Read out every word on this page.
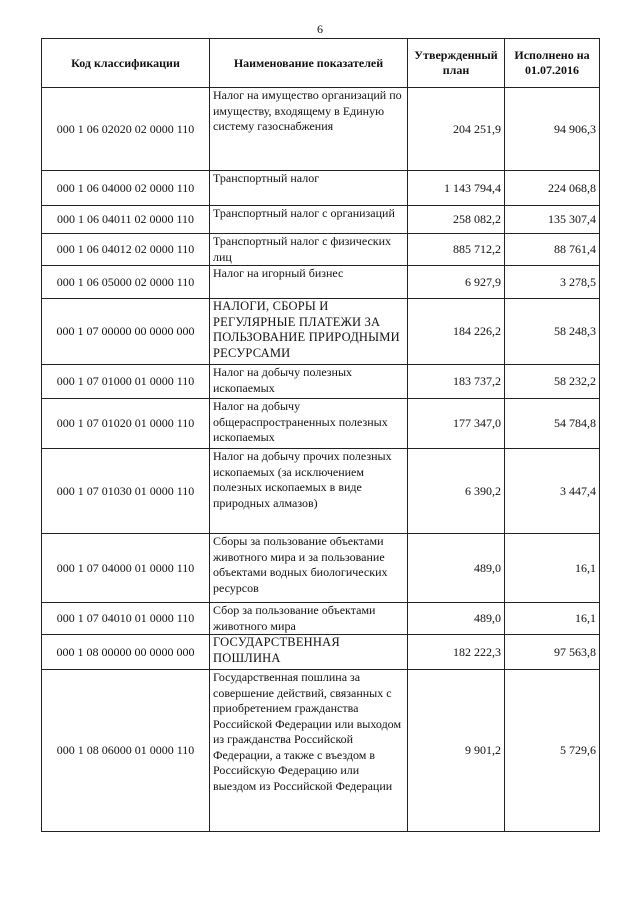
6
Код классификации	Наименование показателей	Утвержденный план	Исполнено на 01.07.2016
000 1 06 02020 02 0000 110	Налог на имущество организаций по имуществу, входящему в Единую систему газоснабжения	204 251,9	94 906,3
000 1 06 04000 02 0000 110	Транспортный налог	1 143 794,4	224 068,8
000 1 06 04011 02 0000 110	Транспортный налог с организаций	258 082,2	135 307,4
000 1 06 04012 02 0000 110	Транспортный налог с физических лиц	885 712,2	88 761,4
000 1 06 05000 02 0000 110	Налог на игорный бизнес	6 927,9	3 278,5
000 1 07 00000 00 0000 000	НАЛОГИ, СБОРЫ И РЕГУЛЯРНЫЕ ПЛАТЕЖИ ЗА ПОЛЬЗОВАНИЕ ПРИРОДНЫМИ РЕСУРСАМИ	184 226,2	58 248,3
000 1 07 01000 01 0000 110	Налог на добычу полезных ископаемых	183 737,2	58 232,2
000 1 07 01020 01 0000 110	Налог на добычу общераспространенных полезных ископаемых	177 347,0	54 784,8
000 1 07 01030 01 0000 110	Налог на добычу прочих полезных ископаемых (за исключением полезных ископаемых в виде природных алмазов)	6 390,2	3 447,4
000 1 07 04000 01 0000 110	Сборы за пользование объектами животного мира и за пользование объектами водных биологических ресурсов	489,0	16,1
000 1 07 04010 01 0000 110	Сбор за пользование объектами животного мира	489,0	16,1
000 1 08 00000 00 0000 000	ГОСУДАРСТВЕННАЯ ПОШЛИНА	182 222,3	97 563,8
000 1 08 06000 01 0000 110	Государственная пошлина за совершение действий, связанных с приобретением гражданства Российской Федерации или выходом из гражданства Российской Федерации, а также с въездом в Российскую Федерацию или выездом из Российской Федерации	9 901,2	5 729,6
